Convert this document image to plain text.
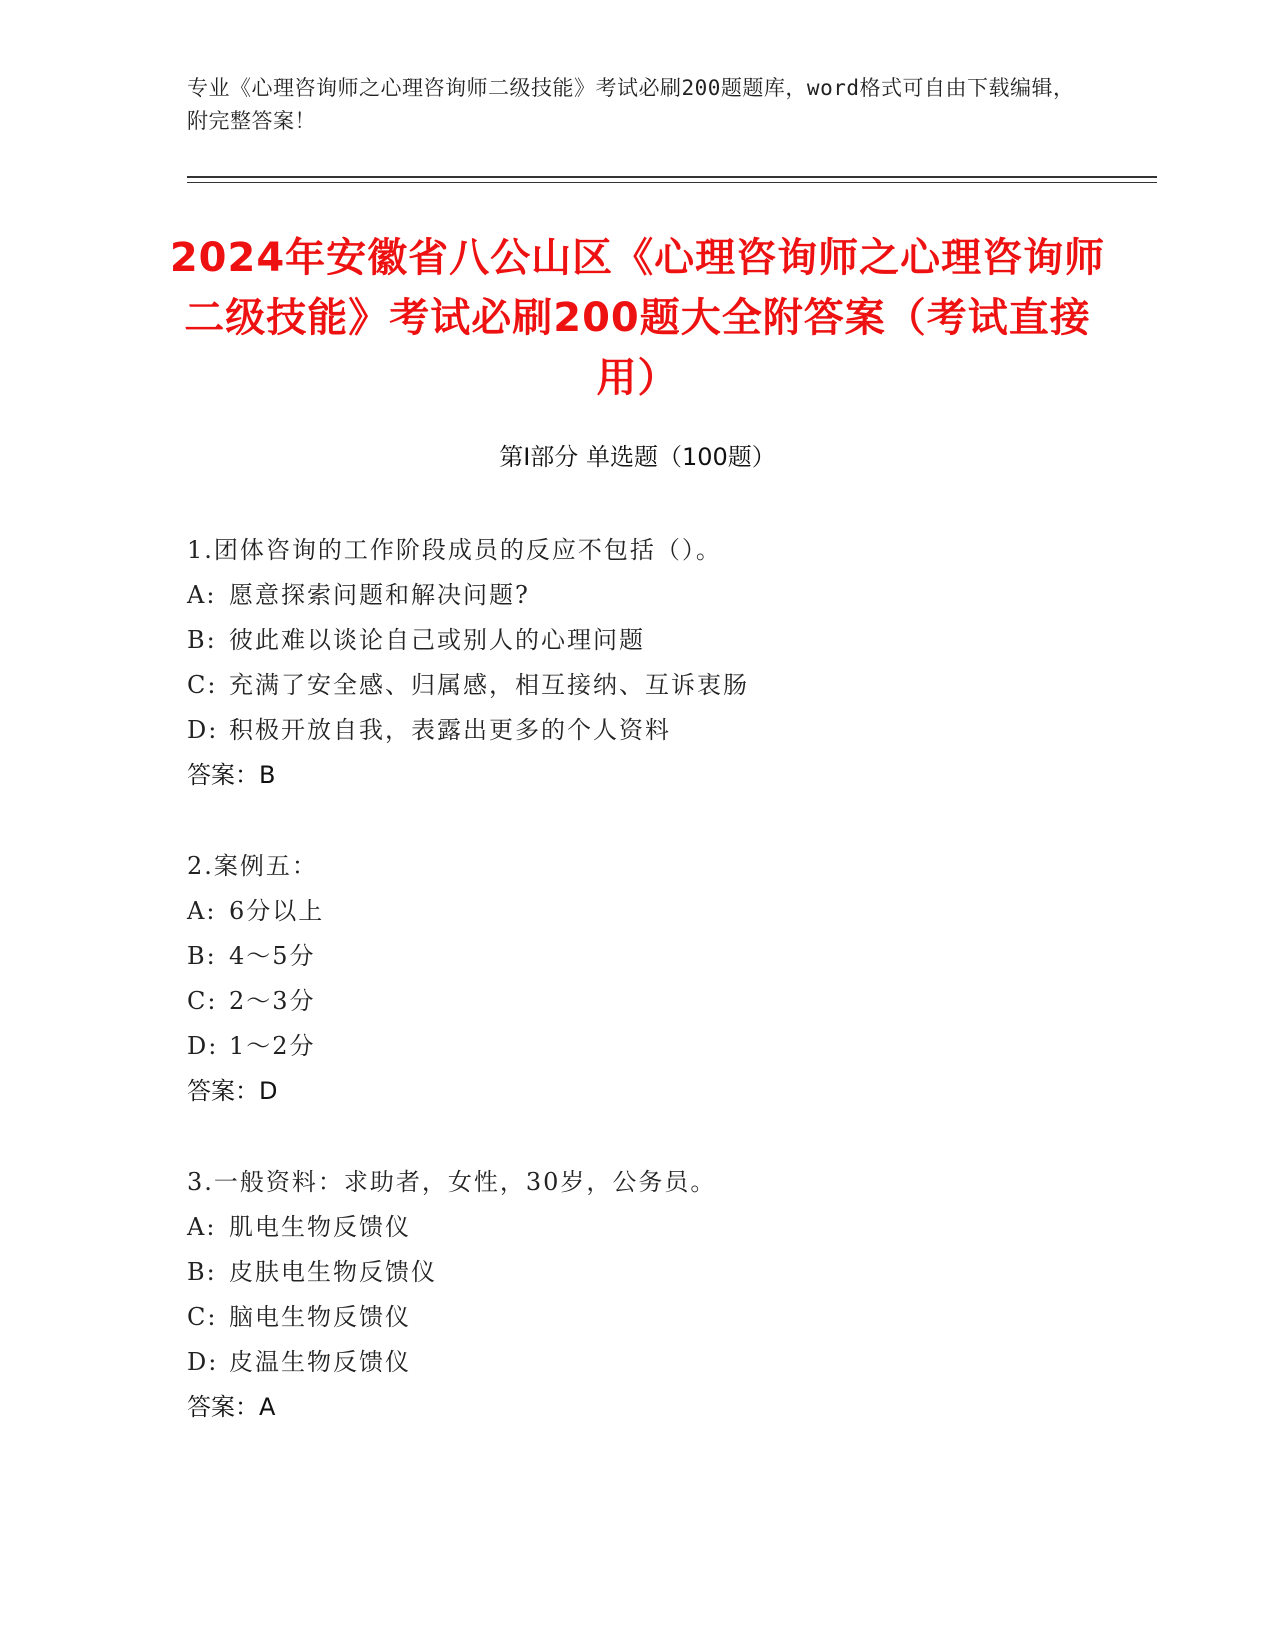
专业《心理咨询师之心理咨询师二级技能》考试必刷200题题库，word格式可自由下载编辑，附完整答案！
2024年安徽省八公山区《心理咨询师之心理咨询师二级技能》考试必刷200题大全附答案（考试直接用）
第I部分 单选题（100题）
1.团体咨询的工作阶段成员的反应不包括（）。
A: 愿意探索问题和解决问题?
B: 彼此难以谈论自己或别人的心理问题
C: 充满了安全感、归属感，相互接纳、互诉衷肠
D: 积极开放自我，表露出更多的个人资料
答案：B
2.案例五：
A: 6分以上
B: 4～5分
C: 2～3分
D: 1～2分
答案：D
3.一般资料：求助者，女性，30岁，公务员。
A: 肌电生物反馈仪
B: 皮肤电生物反馈仪
C: 脑电生物反馈仪
D: 皮温生物反馈仪
答案：A
